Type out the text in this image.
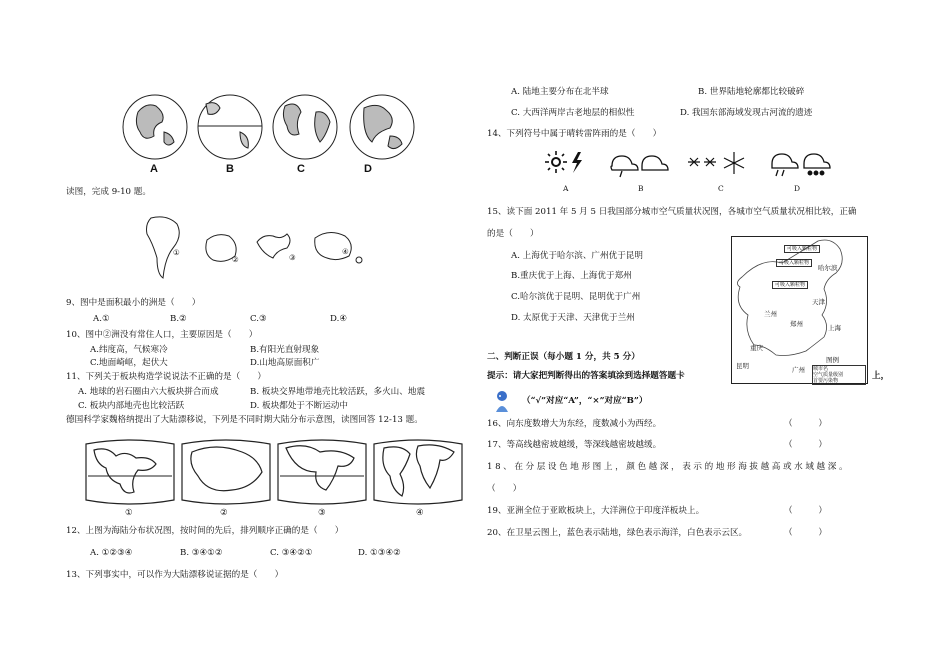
A	B	C	D
读图，完成 9-10 题。
①
②	③
④
9、图中是面积最小的洲是（　　）
A.①	B.②	C.③	D.④
10、图中②洲没有常住人口，主要原因是（　　）
A.纬度高，气候寒冷	B.有阳光直射现象
C.地面崎岖，起伏大	D.山地高原面积广
11、下列关于板块构造学说说法不正确的是（　　）
A. 地球的岩石圈由六大板块拼合而成	B. 板块交界地带地壳比较活跃，多火山、地震
C. 板块内部地壳也比较活跃	D. 板块都处于不断运动中
德国科学家魏格纳提出了大陆漂移说，下列是不同时期大陆分布示意图，读图回答 12-13 题。
①	②	③	④
12、上图为海陆分布状况图，按时间的先后，排列顺序正确的是（　　）
A. ①②③④	B. ③④①②	C. ③④②①	D. ①③④②
13、下列事实中，可以作为大陆漂移说证据的是（　　）
A. 陆地主要分布在北半球	B. 世界陆地轮廓都比较破碎
C. 大西洋两岸古老地层的相似性	D. 我国东部海域发现古河流的遗迹
14、下列符号中属于晴转雷阵雨的是（　　）
A	B	C	D
15、读下面 2011 年 5 月 5 日我国部分城市空气质量状况图，各城市空气质量状况相比较，正确
的是（　　）
A. 上海优于哈尔滨、广州优于昆明
B.重庆优于上海、上海优于郑州
C.哈尔滨优于昆明、昆明优于广州
D. 太原优于天津、天津优于兰州
可吸入颗粒物
可吸入颗粒物
哈尔滨
可吸入颗粒物
天津
兰州
郑州	上海
重庆
昆明	广州
图例
城市名
空气质量级别
首要污染物
二、判断正误（每小题 1 分，共 5 分）
提示：请大家把判断得出的答案填涂到选择题答题卡	上，
（“√”对应“A”，“×”对应“B”）
16、向东度数增大为东经，度数减小为西经。	（　　　）
17、等高线越密坡越缓，等深线越密坡越缓。	（　　　）
18、在分层设色地形图上，颜色越深，表示的地形海拔越高或水域越深。
（　　）
19、亚洲全位于亚欧板块上，大洋洲位于印度洋板块上。	（　　　）
20、在卫星云图上，蓝色表示陆地，绿色表示海洋，白色表示云区。	（　　　）
